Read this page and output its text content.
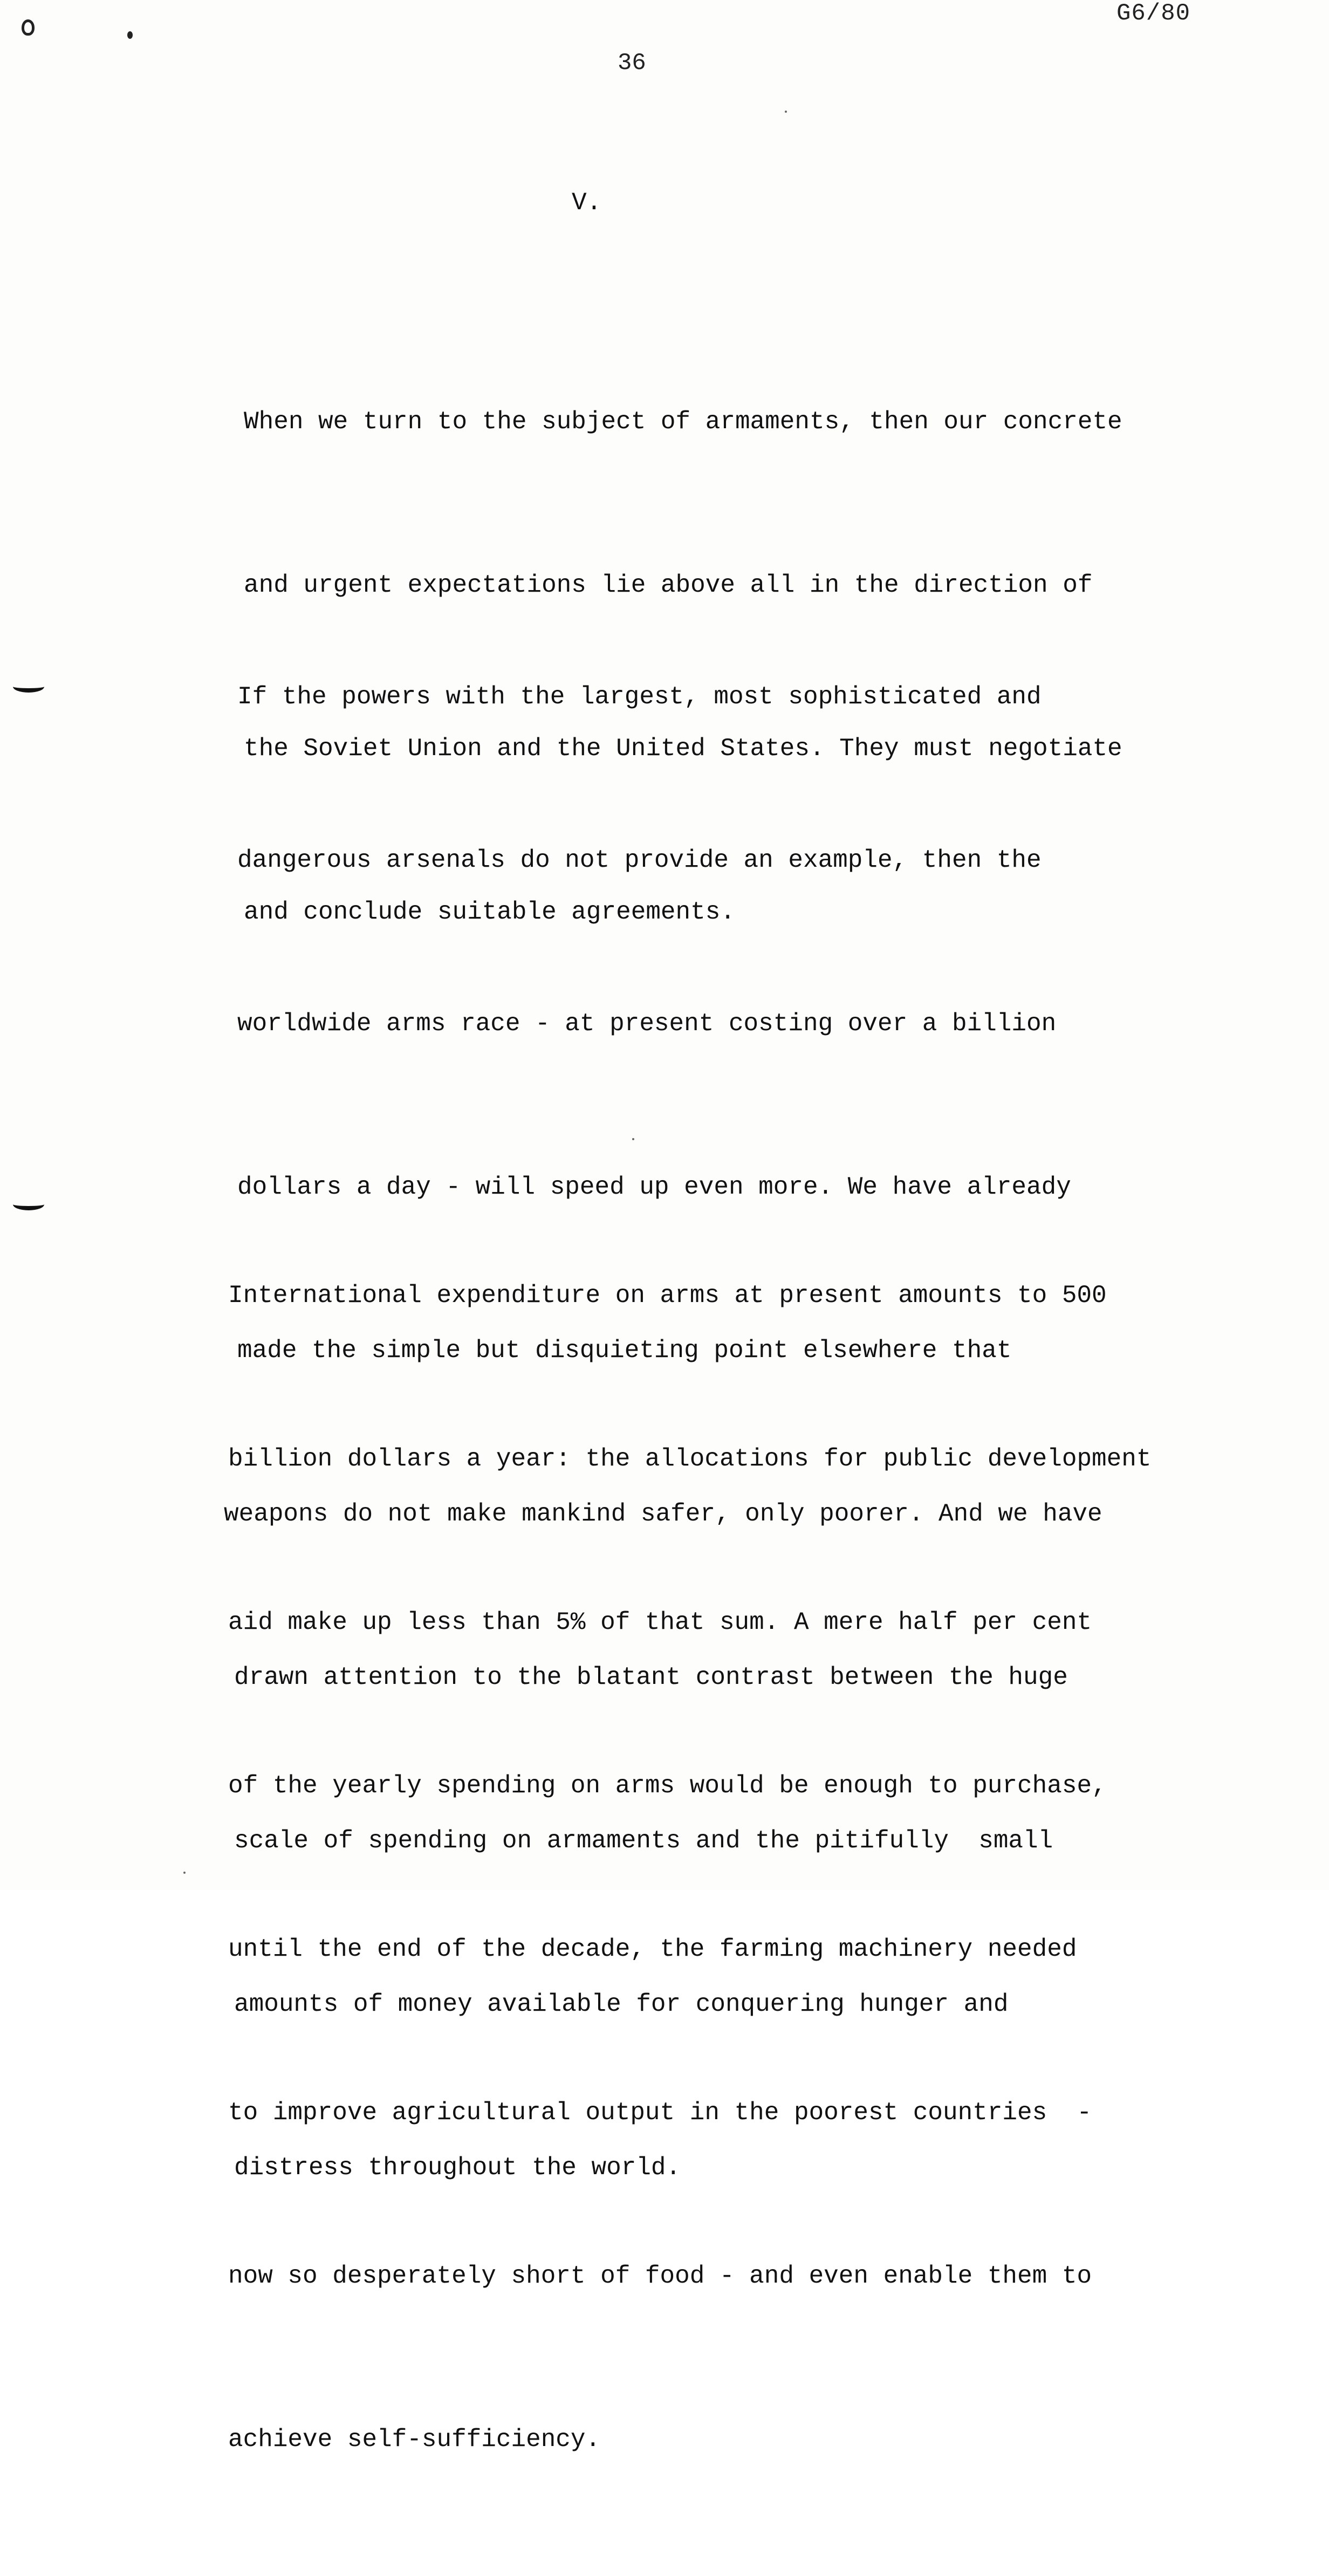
G6/80
36
V.

When we turn to the subject of armaments, then our concrete

and urgent expectations lie above all in the direction of

the Soviet Union and the United States. They must negotiate

and conclude suitable agreements.

If the powers with the largest, most sophisticated and

dangerous arsenals do not provide an example, then the

worldwide arms race - at present costing over a billion

dollars a day - will speed up even more. We have already

made the simple but disquieting point elsewhere that

weapons do not make mankind safer, only poorer. And we have

drawn attention to the blatant contrast between the huge

scale of spending on armaments and the pitifully  small

amounts of money available for conquering hunger and

distress throughout the world.

International expenditure on arms at present amounts to 500

billion dollars a year: the allocations for public development

aid make up less than 5% of that sum. A mere half per cent

of the yearly spending on arms would be enough to purchase,

until the end of the decade, the farming machinery needed

to improve agricultural output in the poorest countries  -

now so desperately short of food - and even enable them to

achieve self-sufficiency.
